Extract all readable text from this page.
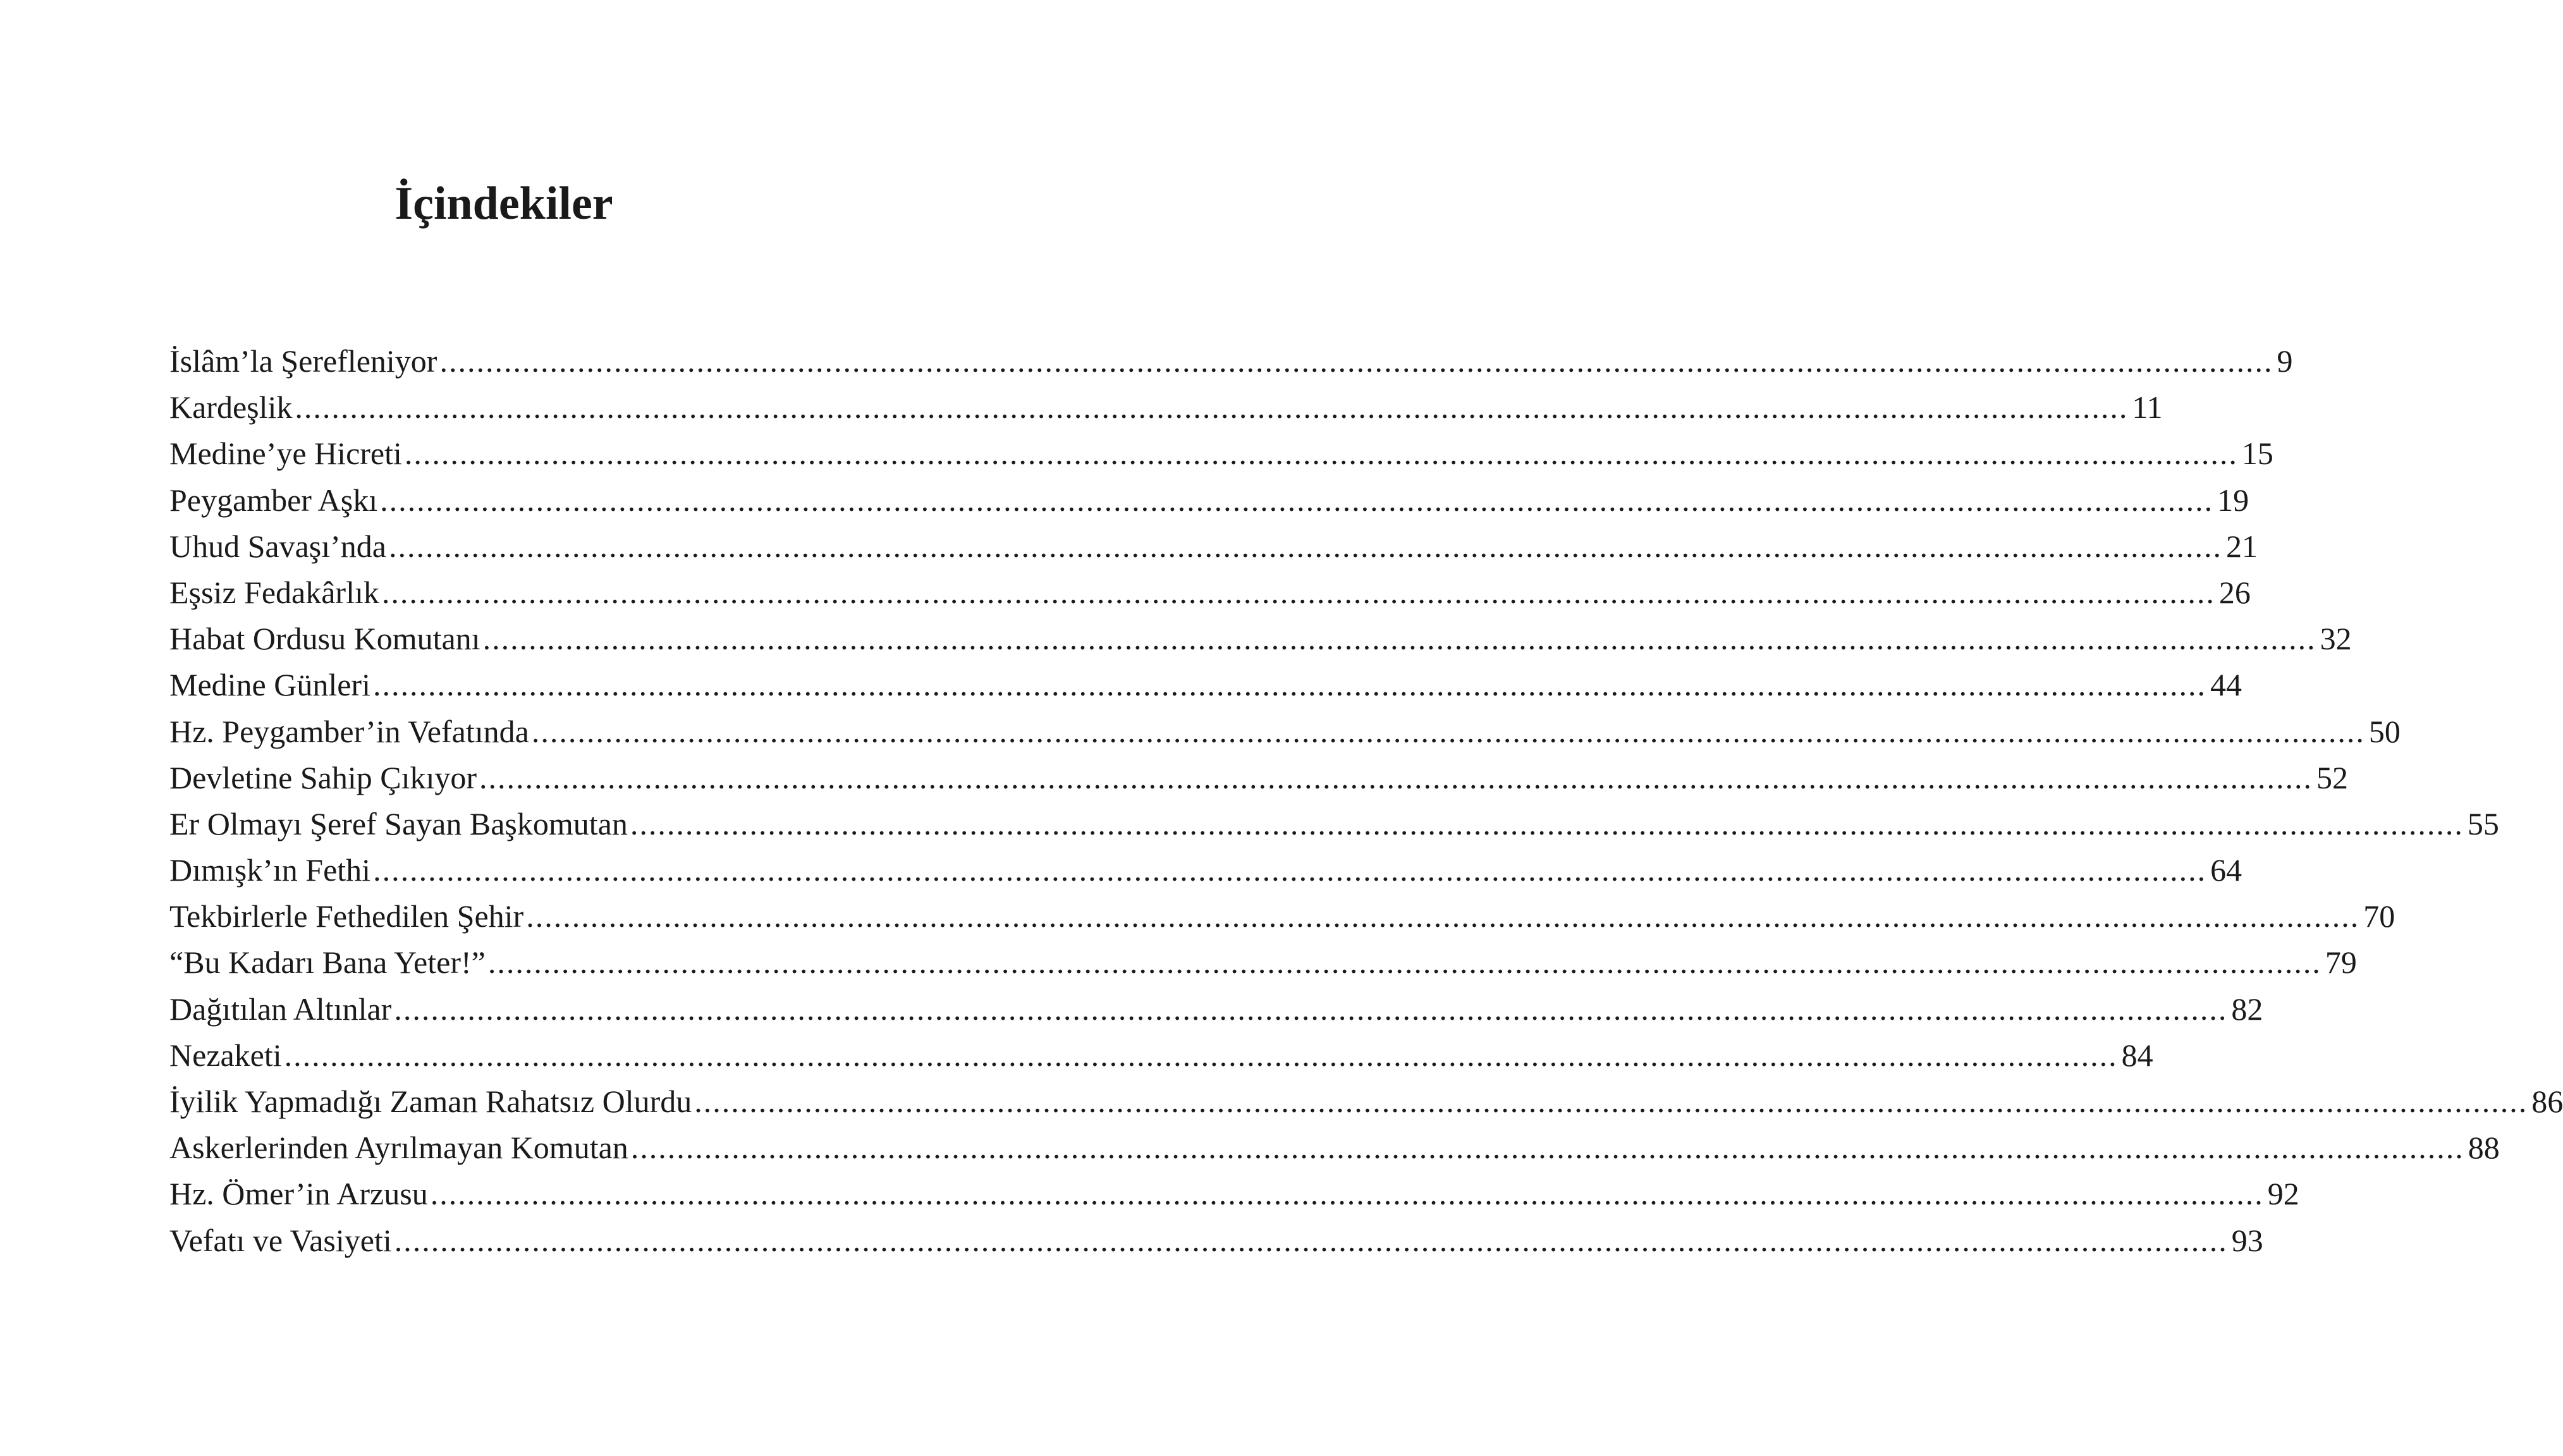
İçindekiler
İslâm’la Şerefleniyor ........................................................................................................................................................................................................ 9
Kardeşlik ........................................................................................................................................................................................................ 11
Medine’ye Hicreti ........................................................................................................................................................................................................ 15
Peygamber Aşkı ........................................................................................................................................................................................................ 19
Uhud Savaşı’nda ........................................................................................................................................................................................................ 21
Eşsiz Fedakârlık ........................................................................................................................................................................................................ 26
Habat Ordusu Komutanı ........................................................................................................................................................................................................ 32
Medine Günleri ........................................................................................................................................................................................................ 44
Hz. Peygamber’in Vefatında ........................................................................................................................................................................................................ 50
Devletine Sahip Çıkıyor ........................................................................................................................................................................................................ 52
Er Olmayı Şeref Sayan Başkomutan ........................................................................................................................................................................................................ 55
Dımışk’ın Fethi ........................................................................................................................................................................................................ 64
Tekbirlerle Fethedilen Şehir ........................................................................................................................................................................................................ 70
“Bu Kadarı Bana Yeter!” ........................................................................................................................................................................................................ 79
Dağıtılan Altınlar ........................................................................................................................................................................................................ 82
Nezaketi ........................................................................................................................................................................................................ 84
İyilik Yapmadığı Zaman Rahatsız Olurdu ........................................................................................................................................................................................................ 86
Askerlerinden Ayrılmayan Komutan ........................................................................................................................................................................................................ 88
Hz. Ömer’in Arzusu ........................................................................................................................................................................................................ 92
Vefatı ve Vasiyeti ........................................................................................................................................................................................................ 93
